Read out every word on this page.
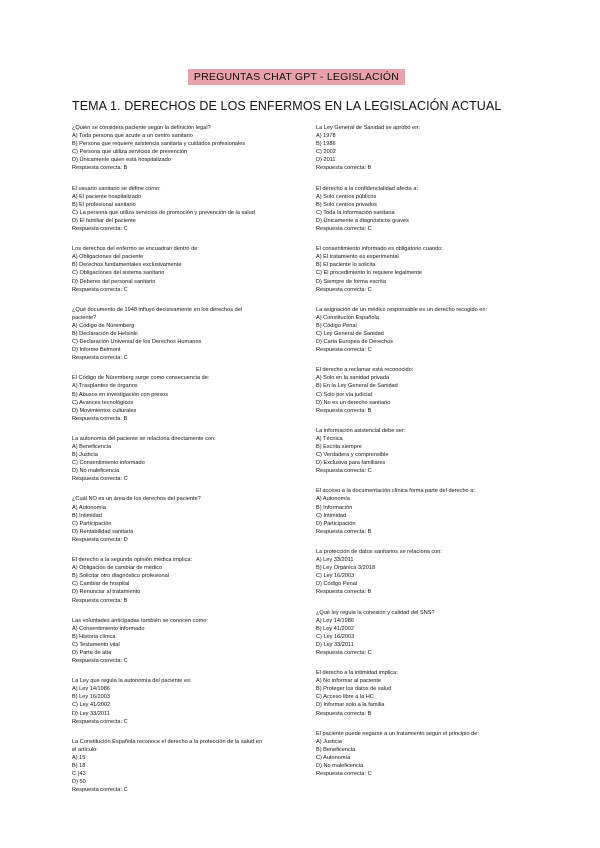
PREGUNTAS CHAT GPT - LEGISLACIÓN
TEMA 1. DERECHOS DE LOS ENFERMOS EN LA LEGISLACIÓN ACTUAL
¿Quién se considera paciente según la definición legal?
A) Toda persona que acude a un centro sanitario
B) Persona que requiere asistencia sanitaria y cuidados profesionales
C) Persona que utiliza servicios de prevención
D) Únicamente quien está hospitalizado
Respuesta correcta: B
El usuario sanitario se define como:
A) El paciente hospitalizado
B) El profesional sanitario
C) La persona que utiliza servicios de promoción y prevención de la salud
D) El familiar del paciente
Respuesta correcta: C
Los derechos del enfermo se encuadran dentro de:
A) Obligaciones del paciente
B) Derechos fundamentales exclusivamente
C) Obligaciones del sistema sanitario
D) Deberes del personal sanitario
Respuesta correcta: C
¿Qué documento de 1948 influyó decisivamente en los derechos del
paciente?
A) Código de Núremberg
B) Declaración de Helsinki
C) Declaración Universal de los Derechos Humanos
D) Informe Belmont
Respuesta correcta: C
El Código de Núremberg surge como consecuencia de:
A) Trasplantes de órganos
B) Abusos en investigación con presos
C) Avances tecnológicos
D) Movimientos culturales
Respuesta correcta: B
La autonomía del paciente se relaciona directamente con:
A) Beneficencia
B) Justicia
C) Consentimiento informado
D) No maleficencia
Respuesta correcta: C
¿Cuál NO es un área de los derechos del paciente?
A) Autonomía
B) Intimidad
C) Participación
D) Rentabilidad sanitaria
Respuesta correcta: D
El derecho a la segunda opinión médica implica:
A) Obligación de cambiar de médico
B) Solicitar otro diagnóstico profesional
C) Cambiar de hospital
D) Renunciar al tratamiento
Respuesta correcta: B
Las voluntades anticipadas también se conocen como:
A) Consentimiento informado
B) Historia clínica
C) Testamento vital
D) Parte de alta
Respuesta correcta: C
La Ley que regula la autonomía del paciente es:
A) Ley 14/1986
B) Ley 16/2003
C) Ley 41/2002
D) Ley 33/2011
Respuesta correcta: C
La Constitución Española reconoce el derecho a la protección de la salud en
el artículo:
A) 15
B) 18
C )43
D) 50
Respuesta correcta: C
La Ley General de Sanidad se aprobó en:
A) 1978
B) 1986
C) 2002
D) 2011
Respuesta correcta: B
El derecho a la confidencialidad afecta a:
A) Solo centros públicos
B) Solo centros privados
C) Toda la información sanitaria
D) Únicamente a diagnósticos graves
Respuesta correcta: C
El consentimiento informado es obligatorio cuando:
A) El tratamiento es experimental
B) El paciente lo solicita
C) El procedimiento lo requiere legalmente
D) Siempre de forma escrita
Respuesta correcta: C
La asignación de un médico responsable es un derecho recogido en:
A) Constitución Española
B) Código Penal
C) Ley General de Sanidad
D) Carta Europea de Derechos
Respuesta correcta: C
El derecho a reclamar está reconocido:
A) Solo en la sanidad privada
B) En la Ley General de Sanidad
C) Solo por vía judicial
D) No es un derecho sanitario
Respuesta correcta: B
La información asistencial debe ser:
A) Técnica
B) Escrita siempre
C) Verdadera y comprensible
D) Exclusiva para familiares
Respuesta correcta: C
El acceso a la documentación clínica forma parte del derecho a:
A) Autonomía
B) Información
C) Intimidad
D) Participación
Respuesta correcta: B
La protección de datos sanitarios se relaciona con:
A) Ley 33/2011
B) Ley Orgánica 3/2018
C) Ley 16/2003
D) Código Penal
Respuesta correcta: B
¿Qué ley regula la cohesión y calidad del SNS?
A) Ley 14/1986
B) Ley 41/2002
C) Ley 16/2003
D) Ley 33/2011
Respuesta correcta: C
El derecho a la intimidad implica:
A) No informar al paciente
B) Proteger los datos de salud
C) Acceso libre a la HC
D) Informar solo a la familia
Respuesta correcta: B
El paciente puede negarse a un tratamiento según el principio de:
A) Justicia
B) Beneficencia
C) Autonomía
D) No maleficencia
Respuesta correcta: C
